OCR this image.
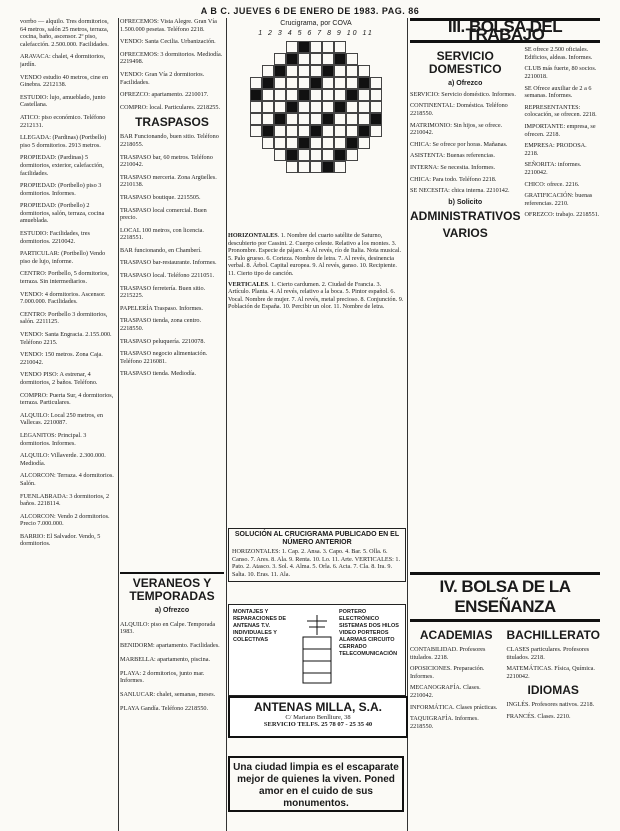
A B C. JUEVES 6 DE ENERO DE 1983. PAG. 86

vorrbo — alquilo. Tres dormitorios, 64 metros, salón 25 metros, terraza, cocina, baño, ascensor. 2º piso, calefacción. 2.500.000. Facilidades.

ARAVACA: chalet, 4 dormitorios, jardín.

VENDO estudio 40 metros, cine en Ginebra. 2212138.

ESTUDIO: lujo, amueblado, junto Castellana.

ATICO: piso económico. Teléfono 2212131.

LLEGADA: (Pardinas) (Portbello) piso 5 dormitorios. 2913 metros.

PROPIEDAD: (Pardinas) 5 dormitorios, exterior, calefacción, facilidades.

PROPIEDAD: (Portbello) piso 3 dormitorios. Informes.

PROPIEDAD: (Portbello) 2 dormitorios, salón, terraza, cocina amueblada.

ESTUDIO: Facilidades, tres dormitorios. 2210042.

PARTICULAR: (Portbello) Vendo piso de lujo, informe.

CENTRO: Portbello, 5 dormitorios, terraza. Sin intermediarios.

VENDO: 4 dormitorios. Ascensor. 7.000.000. Facilidades.

CENTRO: Portbello 3 dormitorios, salón. 2211125.

VENDO: Santa Engracia. 2.155.000. Teléfono 2215.

VENDO: 150 metros. Zona Caja. 2210042.

VENDO PISO: A estrenar, 4 dormitorios, 2 baños. Teléfono.

COMPRO: Puerta Sur, 4 dormitorios, terraza. Particulares.

ALQUILO: Local 250 metros, en Vallecas. 2210087.

LEGANITOS: Principal. 3 dormitorios. Informes.

ALQUILO: Villaverde. 2.300.000. Mediodía.

ALCORCON: Terraza. 4 dormitorios. Salón.

FUENLABRADA: 3 dormitorios, 2 baños. 2218114.

ALCORCON: Vendo 2 dormitorios. Precio 7.000.000.

BARRIO: El Salvador. Vendo, 5 dormitorios.

OFRECEMOS: Vista Alegre. Gran Vía 1.500.000 pesetas. Teléfono 2218.

VENDO: Santa Cecilia. Urbanización.

OFRECEMOS: 3 dormitorios. Mediodía. 2219498.

VENDO: Gran Vía 2 dormitorios. Facilidades.

OFREZCO: apartamento. 2210017.

COMPRO: local. Particulares. 2218255.

TRASPASOS

BAR Funcionando, buen sitio. Teléfono 2218055.

TRASPASO bar, 60 metros. Teléfono 2210042.

TRASPASO merceria. Zona Argüelles. 2210138.

TRASPASO boutique. 2215505.

TRASPASO local comercial. Buen precio.

LOCAL 100 metros, con licencia. 2218551.

BAR funcionando, en Chamberí.

TRASPASO bar-restaurante. Informes.

TRASPASO local. Teléfono 2211051.

TRASPASO ferretería. Buen sitio. 2215225.

PAPELERÍA Traspaso. Informes.

TRASPASO tienda, zona centro. 2218550.

TRASPASO peluquería. 2210078.

TRASPASO negocio alimentación. Teléfono 2216081.

TRASPASO tienda. Mediodía.

VERANEOS Y TEMPORADAS
a) Ofrezco

ALQUILO: piso en Calpe. Temporada 1983.

BENIDORM: apartamento. Facilidades.

MARBELLA: apartamento, piscina.

PLAYA: 2 dormitorios, junto mar. Informes.

SANLUCAR: chalet, semanas, meses.

PLAYA Gandía. Teléfono 2218550.

Crucigrama, por COVA
1 2 3 4 5 6 7 8 9 10 11

HORIZONTALES. 1. Nombre del cuarto satélite de Saturno, descubierto por Cassini. 2. Cuerpo celeste. Relativo a los montes. 3. Pronombre. Especie de pájaro. 4. Al revés, río de Italia. Nota musical. 5. Palo grueso. 6. Corteza. Nombre de letra. 7. Al revés, desinencia verbal. 8. Árbol. Capital europea. 9. Al revés, ganso. 10. Recipiente. 11. Cierto tipo de canción.

VERTICALES. 1. Cierto cardumen. 2. Ciudad de Francia. 3. Artículo. Planta. 4. Al revés, relativo a la boca. 5. Pintor español. 6. Vocal. Nombre de mujer. 7. Al revés, metal precioso. 8. Conjunción. 9. Población de España. 10. Percibir un olor. 11. Nombre de letra.

SOLUCIÓN AL CRUCIGRAMA PUBLICADO EN EL NÚMERO ANTERIOR
HORIZONTALES: 1. Cap. 2. Ansa. 3. Capo. 4. Bar. 5. Olla. 6. Canso. 7. Ares. 8. Ala. 9. Renta. 10. Lo. 11. Arte. VERTICALES: 1. Pato. 2. Atasco. 3. Sol. 4. Alma. 5. Orla. 6. Acta. 7. Cla. 8. Ira. 9. Salta. 10. Eras. 11. Ala.
MONTAJES Y REPARACIONES DE ANTENAS T.V. INDIVIDUALES Y COLECTIVAS
PORTERO ELECTRÓNICO SISTEMAS DOS HILOS VIDEO PORTEROS ALARMAS CIRCUITO CERRADO TELECOMUNICACIÓN
ANTENAS MILLA, S.A.
C/ Mariano Benlliure, 38
SERVICIO TELFS. 25 78 07 - 25 35 40
Una ciudad limpia es el escaparate mejor de quienes la viven. Poned amor en el cuido de sus monumentos.
III. BOLSA DEL TRABAJO
SERVICIO DOMESTICO
a) Ofrezco

SERVICIO: Servicio doméstico. Informes.

CONTINENTAL: Doméstica. Teléfono 2218550.

MATRIMONIO: Sin hijos, se ofrece. 2210042.

CHICA: Se ofrece por horas. Mañanas.

ASISTENTA: Buenas referencias.

INTERNA: Se necesita. Informes.

CHICA: Para todo. Teléfono 2218.

SE NECESITA: chica interna. 2210142.

b) Solicito
ADMINISTRATIVOS
VARIOS

SE ofrece 2.500 oficiales. Edificios, aldeas. Informes.

CLUB más fuerte, 80 socios. 2210018.

SE Ofrece auxiliar de 2 a 6 semanas. Informes.

REPRESENTANTES: colocación, se ofrecen. 2218.

IMPORTANTE: empresa, se ofrecen. 2218.

EMPRESA: PRODOSA. 2218.

SEÑORITA: informes. 2210042.

CHICO: ofrece. 2216.

GRATIFICACIÓN: buenas referencias. 2210.

OFREZCO: trabajo. 2218551.

IV. BOLSA DE LA ENSEÑANZA
ACADEMIAS

CONTABILIDAD. Profesores titulados. 2218.

OPOSICIONES. Preparación. Informes.

MECANOGRAFÍA. Clases. 2210042.

INFORMÁTICA. Clases prácticas.

TAQUIGRAFÍA. Informes. 2218550.

BACHILLERATO

CLASES particulares. Profesores titulados. 2218.

MATEMÁTICAS. Física, Química. 2210042.

IDIOMAS

INGLÉS. Profesores nativos. 2218.

FRANCÉS. Clases. 2210.
